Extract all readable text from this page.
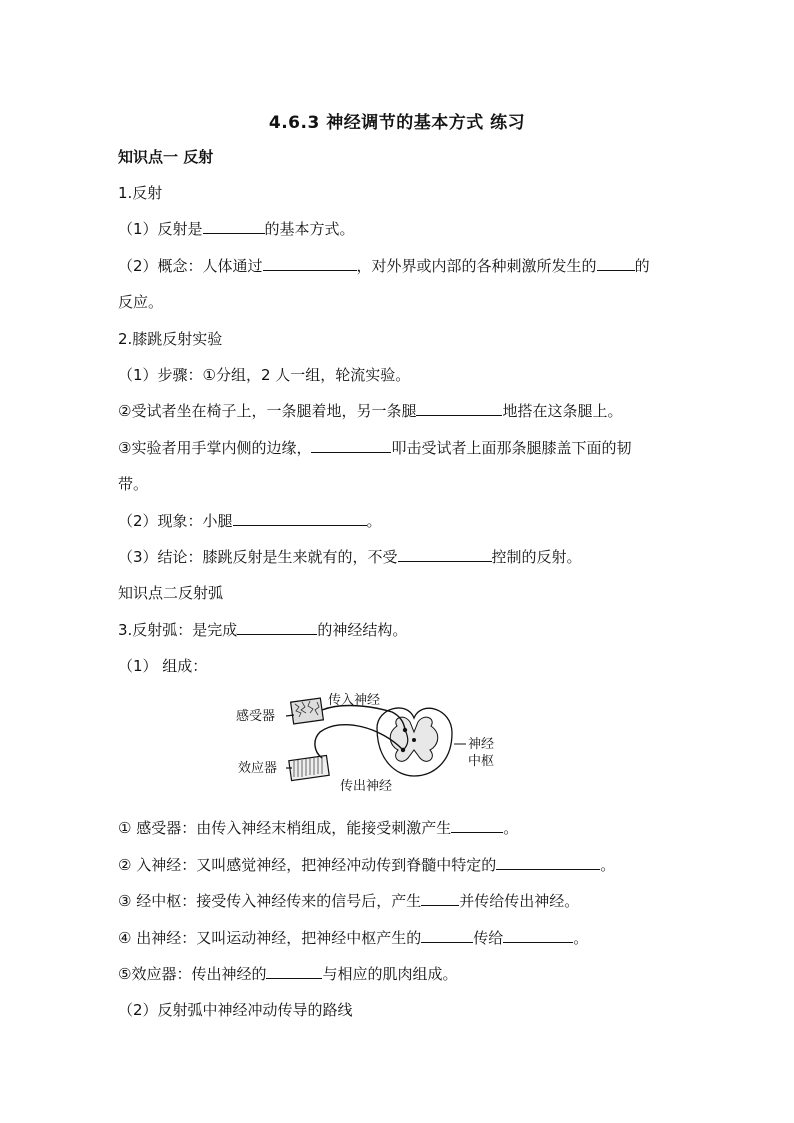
4.6.3 神经调节的基本方式 练习
知识点一 反射
1.反射
（1）反射是	的基本方式。
（2）概念：人体通过	，对外界或内部的各种刺激所发生的	的
反应。
2.膝跳反射实验
（1）步骤：①分组，2 人一组，轮流实验。
②受试者坐在椅子上，一条腿着地，另一条腿	地搭在这条腿上。
③实验者用手掌内侧的边缘，	叩击受试者上面那条腿膝盖下面的韧
带。
（2）现象：小腿	。
（3）结论：膝跳反射是生来就有的，不受	控制的反射。
知识点二反射弧
3.反射弧：是完成	的神经结构。
（1） 组成：
感受器
传入神经
神经
中枢
效应器
传出神经
① 感受器：由传入神经末梢组成，能接受刺激产生	。
② 入神经：又叫感觉神经，把神经冲动传到脊髓中特定的	。
③ 经中枢：接受传入神经传来的信号后，产生	并传给传出神经。
④ 出神经：又叫运动神经，把神经中枢产生的	传给	。
⑤效应器：传出神经的	与相应的肌肉组成。
（2）反射弧中神经冲动传导的路线
